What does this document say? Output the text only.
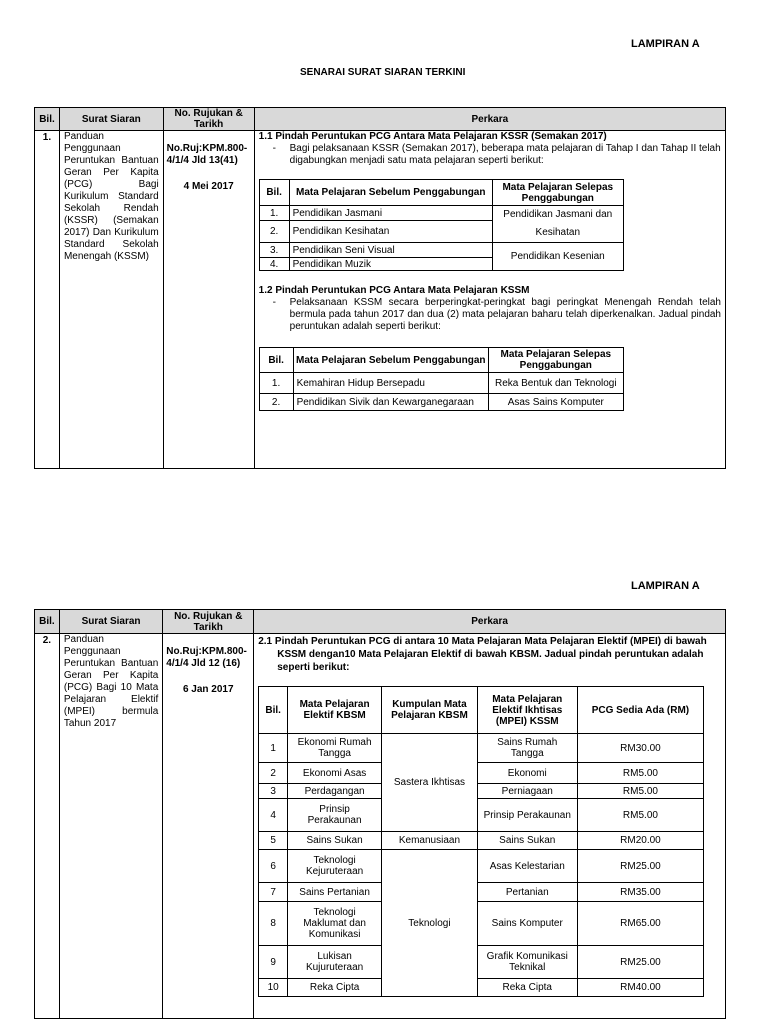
LAMPIRAN A
SENARAI SURAT SIARAN TERKINI
Bil.	Surat Siaran	No. Rujukan & Tarikh	Perkara
1.	Panduan Penggunaan Peruntukan Bantuan Geran Per Kapita (PCG) Bagi Kurikulum Standard Sekolah Rendah (KSSR) (Semakan 2017) Dan Kurikulum Standard Sekolah Menengah (KSSM)	No.Ruj:KPM.800-4/1/4 Jld 13(41)
4 Mei 2017

1.1 Pindah Peruntukan PCG Antara Mata Pelajaran KSSR (Semakan 2017)
-	Bagi pelaksanaan KSSR (Semakan 2017), beberapa mata pelajaran di Tahap I dan Tahap II telah digabungkan menjadi satu mata pelajaran seperti berikut:
Bil.	Mata Pelajaran Sebelum Penggabungan	Mata Pelajaran Selepas Penggabungan
1.	Pendidikan Jasmani	Pendidikan Jasmani dan Kesihatan
2.	Pendidikan Kesihatan
3.	Pendidikan Seni Visual	Pendidikan Kesenian
4.	Pendidikan Muzik
1.2 Pindah Peruntukan PCG Antara Mata Pelajaran KSSM
-	Pelaksanaan KSSM secara berperingkat-peringkat bagi peringkat Menengah Rendah telah bermula pada tahun 2017 dan dua (2) mata pelajaran baharu telah diperkenalkan. Jadual pindah peruntukan adalah seperti berikut:
Bil.	Mata Pelajaran Sebelum Penggabungan	Mata Pelajaran Selepas Penggabungan
1.	Kemahiran Hidup Bersepadu	Reka Bentuk dan Teknologi
2.	Pendidikan Sivik dan Kewarganegaraan	Asas Sains Komputer
LAMPIRAN A
Bil.	Surat Siaran	No. Rujukan & Tarikh	Perkara
2.	Panduan Penggunaan Peruntukan Bantuan Geran Per Kapita (PCG) Bagi 10 Mata Pelajaran Elektif (MPEI) bermula Tahun 2017	No.Ruj:KPM.800-4/1/4 Jld 12 (16)
6 Jan 2017

2.1 Pindah Peruntukan PCG di antara 10 Mata Pelajaran Mata Pelajaran Elektif (MPEI) di bawah KSSM dengan10 Mata Pelajaran Elektif di bawah KBSM. Jadual pindah peruntukan adalah seperti berikut:
Bil.	Mata Pelajaran Elektif KBSM	Kumpulan Mata Pelajaran KBSM	Mata Pelajaran Elektif Ikhtisas (MPEI) KSSM	PCG Sedia Ada (RM)
1	Ekonomi Rumah Tangga	Sastera Ikhtisas	Sains Rumah Tangga	RM30.00
2	Ekonomi Asas	Ekonomi	RM5.00
3	Perdagangan	Perniagaan	RM5.00
4	Prinsip Perakaunan	Prinsip Perakaunan	RM5.00
5	Sains Sukan	Kemanusiaan	Sains Sukan	RM20.00
6	Teknologi Kejuruteraan	Teknologi	Asas Kelestarian	RM25.00
7	Sains Pertanian	Pertanian	RM35.00
8	Teknologi Maklumat dan Komunikasi	Sains Komputer	RM65.00
9	Lukisan Kujuruteraan	Grafik Komunikasi Teknikal	RM25.00
10	Reka Cipta	Reka Cipta	RM40.00
